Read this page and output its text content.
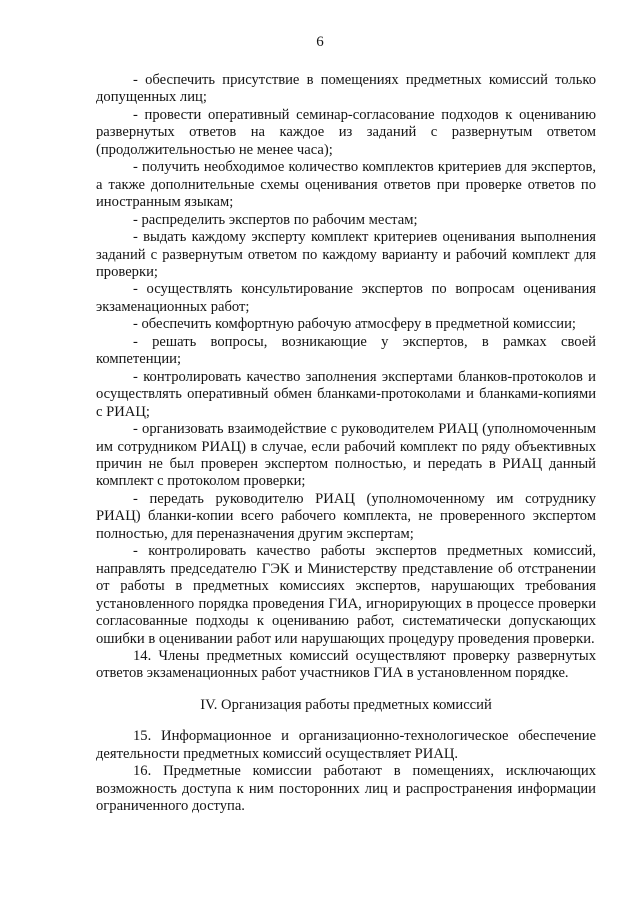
6

- обеспечить присутствие в помещениях предметных комиссий только допущенных лиц;

- провести оперативный семинар-согласование подходов к оцениванию развернутых ответов на каждое из заданий с развернутым ответом (продолжительностью не менее часа);

- получить необходимое количество комплектов критериев для экспертов, а также дополнительные схемы оценивания ответов при проверке ответов по иностранным языкам;

- распределить экспертов по рабочим местам;

- выдать каждому эксперту комплект критериев оценивания выполнения заданий с развернутым ответом по каждому варианту и рабочий комплект для проверки;

- осуществлять консультирование экспертов по вопросам оценивания экзаменационных работ;

- обеспечить комфортную рабочую атмосферу в предметной комиссии;

- решать вопросы, возникающие у экспертов, в рамках своей компетенции;

- контролировать качество заполнения экспертами бланков-протоколов и осуществлять оперативный обмен бланками-протоколами и бланками-копиями с РИАЦ;

- организовать взаимодействие с руководителем РИАЦ (уполномоченным им сотрудником РИАЦ) в случае, если рабочий комплект по ряду объективных причин не был проверен экспертом полностью, и передать в РИАЦ данный комплект с протоколом проверки;

- передать руководителю РИАЦ (уполномоченному им сотруднику РИАЦ) бланки-копии всего рабочего комплекта, не проверенного экспертом полностью, для переназначения другим экспертам;

- контролировать качество работы экспертов предметных комиссий, направлять председателю ГЭК и Министерству представление об отстранении от работы в предметных комиссиях экспертов, нарушающих требования установленного порядка проведения ГИА, игнорирующих в процессе проверки согласованные подходы к оцениванию работ, систематически допускающих ошибки в оценивании работ или нарушающих процедуру проведения проверки.

14. Члены предметных комиссий осуществляют проверку развернутых ответов экзаменационных работ участников ГИА в установленном порядке.

IV. Организация работы предметных комиссий

15. Информационное и организационно-технологическое обеспечение деятельности предметных комиссий осуществляет РИАЦ.

16. Предметные комиссии работают в помещениях, исключающих возможность доступа к ним посторонних лиц и распространения информации ограниченного доступа.
